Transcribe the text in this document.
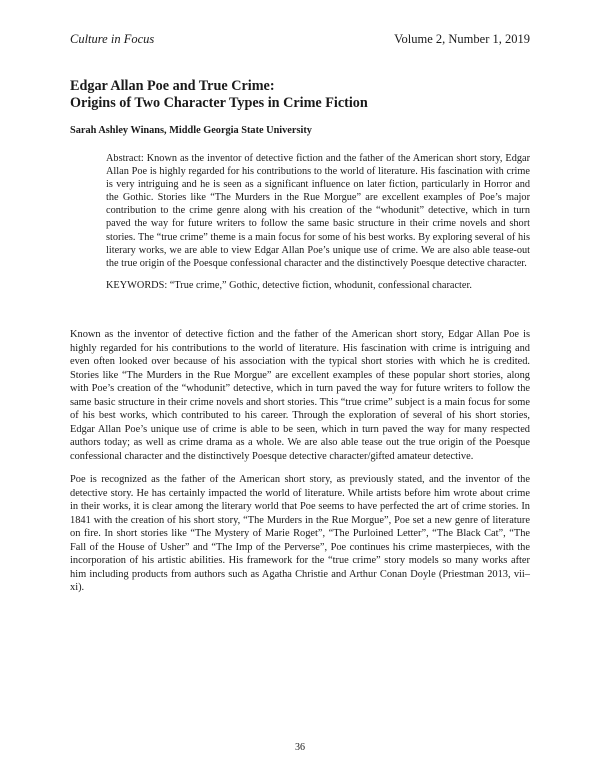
Culture in Focus	Volume 2, Number 1, 2019
Edgar Allan Poe and True Crime:
Origins of Two Character Types in Crime Fiction
Sarah Ashley Winans, Middle Georgia State University

Abstract: Known as the inventor of detective fiction and the father of the American short story, Edgar Allan Poe is highly regarded for his contributions to the world of literature. His fascination with crime is very intriguing and he is seen as a significant influence on later fiction, particularly in Horror and the Gothic. Stories like “The Murders in the Rue Morgue” are excellent examples of Poe’s major contribution to the crime genre along with his creation of the “whodunit” detective, which in turn paved the way for future writers to follow the same basic structure in their crime novels and short stories. The “true crime” theme is a main focus for some of his best works. By exploring several of his literary works, we are able to view Edgar Allan Poe’s unique use of crime. We are also able tease-out the true origin of the Poesque confessional character and the distinctively Poesque detective character.

KEYWORDS: “True crime,” Gothic, detective fiction, whodunit, confessional character.

Known as the inventor of detective fiction and the father of the American short story, Edgar Allan Poe is highly regarded for his contributions to the world of literature. His fascination with crime is intriguing and even often looked over because of his association with the typical short stories with which he is credited. Stories like “The Murders in the Rue Morgue” are excellent examples of these popular short stories, along with Poe’s creation of the “whodunit” detective, which in turn paved the way for future writers to follow the same basic structure in their crime novels and short stories. This “true crime” subject is a main focus for some of his best works, which contributed to his career. Through the exploration of several of his short stories, Edgar Allan Poe’s unique use of crime is able to be seen, which in turn paved the way for many respected authors today; as well as crime drama as a whole. We are also able tease out the true origin of the Poesque confessional character and the distinctively Poesque detective character/gifted amateur detective.

Poe is recognized as the father of the American short story, as previously stated, and the inventor of the detective story. He has certainly impacted the world of literature. While artists before him wrote about crime in their works, it is clear among the literary world that Poe seems to have perfected the art of crime stories. In 1841 with the creation of his short story, “The Murders in the Rue Morgue”, Poe set a new genre of literature on fire. In short stories like “The Mystery of Marie Roget”, “The Purloined Letter”, “The Black Cat”, “The Fall of the House of Usher” and “The Imp of the Perverse”, Poe continues his crime masterpieces, with the incorporation of his artistic abilities. His framework for the “true crime” story models so many works after him including products from authors such as Agatha Christie and Arthur Conan Doyle (Priestman 2013, vii–xi).

36
